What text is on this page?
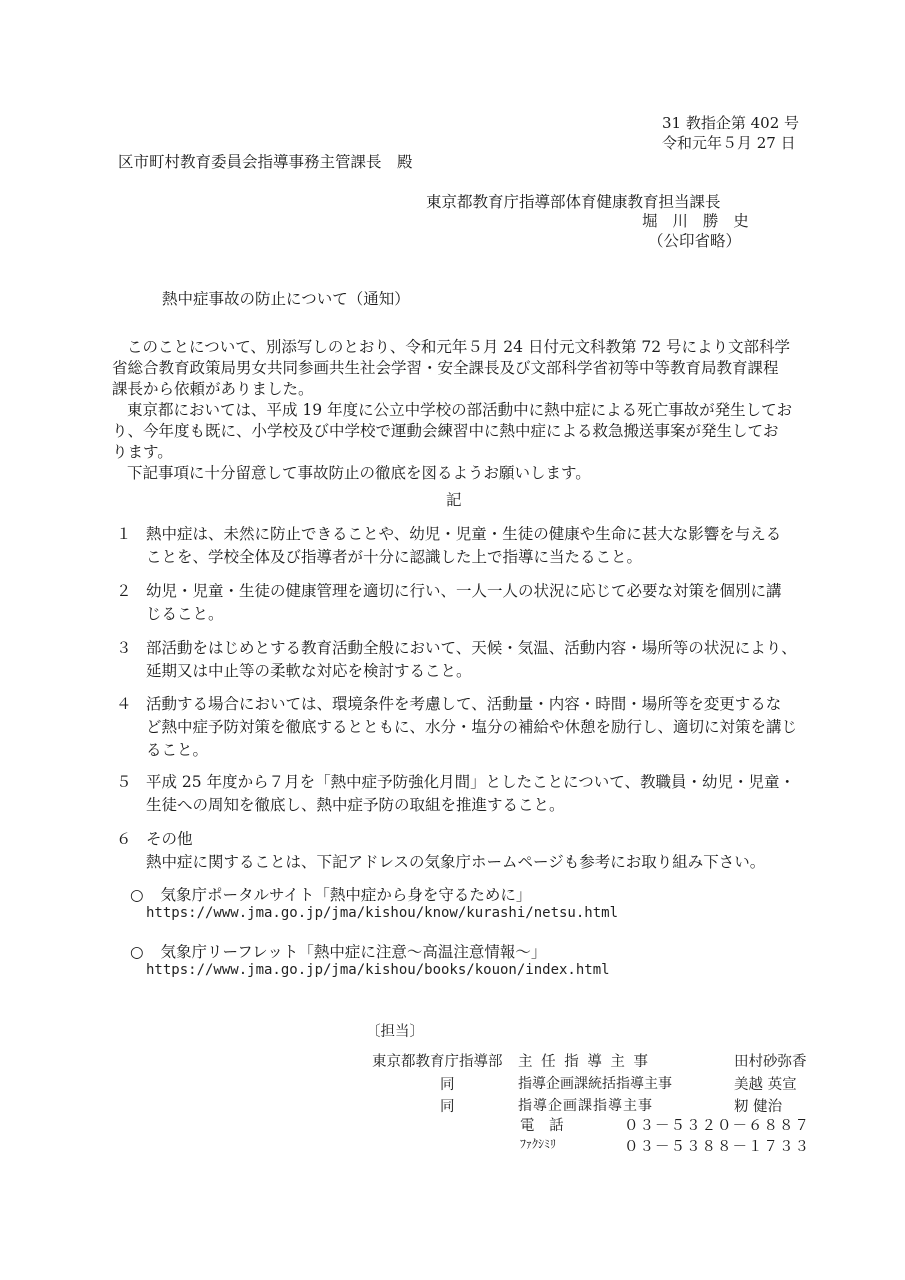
31 教指企第 402 号
令和元年５月 27 日
区市町村教育委員会指導事務主管課長　殿
東京都教育庁指導部体育健康教育担当課長
堀 川 勝 史
（公印省略）
熱中症事故の防止について（通知）
このことについて、別添写しのとおり、令和元年５月 24 日付元文科教第 72 号により文部科学
省総合教育政策局男女共同参画共生社会学習・安全課長及び文部科学省初等中等教育局教育課程
課長から依頼がありました。
東京都においては、平成 19 年度に公立中学校の部活動中に熱中症による死亡事故が発生してお
り、今年度も既に、小学校及び中学校で運動会練習中に熱中症による救急搬送事案が発生してお
ります。
下記事項に十分留意して事故防止の徹底を図るようお願いします。
記
１ 熱中症は、未然に防止できることや、幼児・児童・生徒の健康や生命に甚大な影響を与える
ことを、学校全体及び指導者が十分に認識した上で指導に当たること。
２ 幼児・児童・生徒の健康管理を適切に行い、一人一人の状況に応じて必要な対策を個別に講
じること。
３ 部活動をはじめとする教育活動全般において、天候・気温、活動内容・場所等の状況により、
延期又は中止等の柔軟な対応を検討すること。
４ 活動する場合においては、環境条件を考慮して、活動量・内容・時間・場所等を変更するな
ど熱中症予防対策を徹底するとともに、水分・塩分の補給や休憩を励行し、適切に対策を講じ
ること。
５ 平成 25 年度から７月を「熱中症予防強化月間」としたことについて、教職員・幼児・児童・
生徒への周知を徹底し、熱中症予防の取組を推進すること。
６ その他
熱中症に関することは、下記アドレスの気象庁ホームページも参考にお取り組み下さい。
○ 気象庁ポータルサイト「熱中症から身を守るために」
https://www.jma.go.jp/jma/kishou/know/kurashi/netsu.html
○ 気象庁リーフレット「熱中症に注意～高温注意情報～」
https://www.jma.go.jp/jma/kishou/books/kouon/index.html
〔担当〕
東京都教育庁指導部 主 任 指 導 主 事	田村砂弥香
同	指導企画課統括指導主事	美越 英宣
同	指導企画課指導主事	籾 健治
電 話	０３－５３２０－６８８７
ﾌｧｸｼﾐﾘ	０３－５３８８－１７３３
